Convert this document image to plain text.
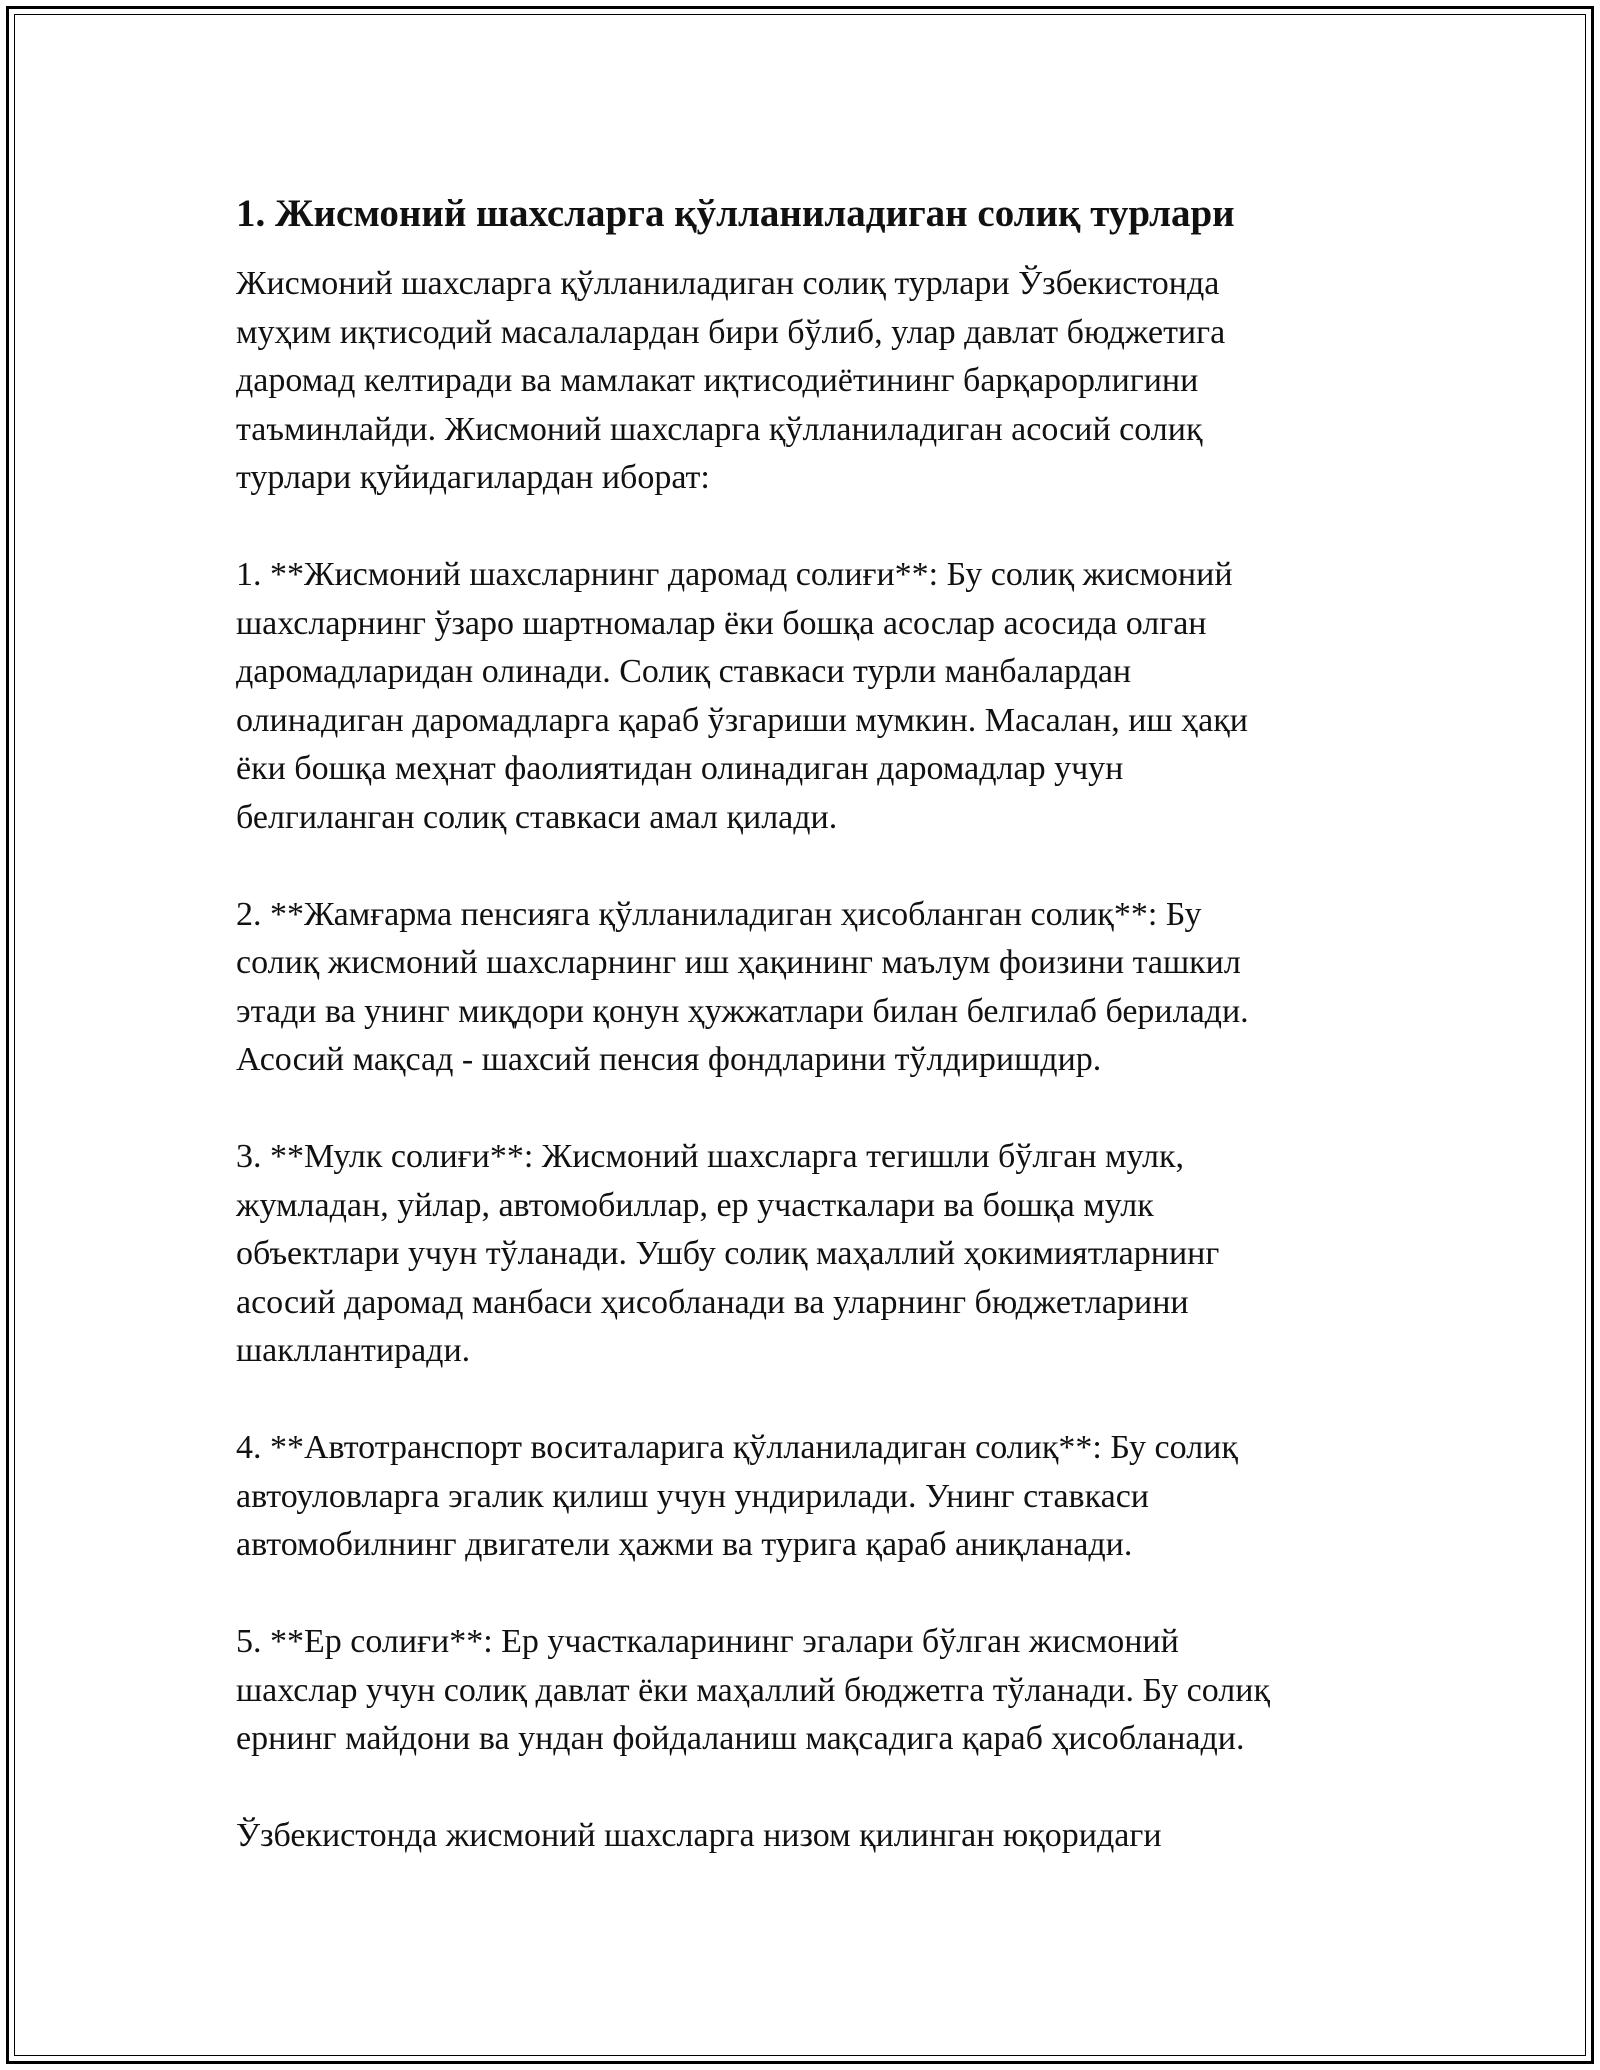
1. Жисмоний шахсларга қўлланиладиган солиқ турлари

Жисмоний шахсларга қўлланиладиган солиқ турлари Ўзбекистонда
муҳим иқтисодий масалалардан бири бўлиб, улар давлат бюджетига
даромад келтиради ва мамлакат иқтисодиётининг барқарорлигини
таъминлайди. Жисмоний шахсларга қўлланиладиган асосий солиқ
турлари қуйидагилардан иборат:

1. **Жисмоний шахсларнинг даромад солиғи**: Бу солиқ жисмоний
шахсларнинг ўзаро шартномалар ёки бошқа асослар асосида олган
даромадларидан олинади. Солиқ ставкаси турли манбалардан
олинадиган даромадларга қараб ўзгариши мумкин. Масалан, иш ҳақи
ёки бошқа меҳнат фаолиятидан олинадиган даромадлар учун
белгиланган солиқ ставкаси амал қилади.

2. **Жамғарма пенсияга қўлланиладиган ҳисобланган солиқ**: Бу
солиқ жисмоний шахсларнинг иш ҳақининг маълум фоизини ташкил
этади ва унинг миқдори қонун ҳужжатлари билан белгилаб берилади.
Асосий мақсад - шахсий пенсия фондларини тўлдиришдир.

3. **Мулк солиғи**: Жисмоний шахсларга тегишли бўлган мулк,
жумладан, уйлар, автомобиллар, ер участкалари ва бошқа мулк
объектлари учун тўланади. Ушбу солиқ маҳаллий ҳокимиятларнинг
асосий даромад манбаси ҳисобланади ва уларнинг бюджетларини
шакллантиради.

4. **Автотранспорт воситаларига қўлланиладиган солиқ**: Бу солиқ
автоуловларга эгалик қилиш учун ундирилади. Унинг ставкаси
автомобилнинг двигатели ҳажми ва турига қараб аниқланади.

5. **Ер солиғи**: Ер участкаларининг эгалари бўлган жисмоний
шахслар учун солиқ давлат ёки маҳаллий бюджетга тўланади. Бу солиқ
ернинг майдони ва ундан фойдаланиш мақсадига қараб ҳисобланади.

Ўзбекистонда жисмоний шахсларга низом қилинган юқоридаги
